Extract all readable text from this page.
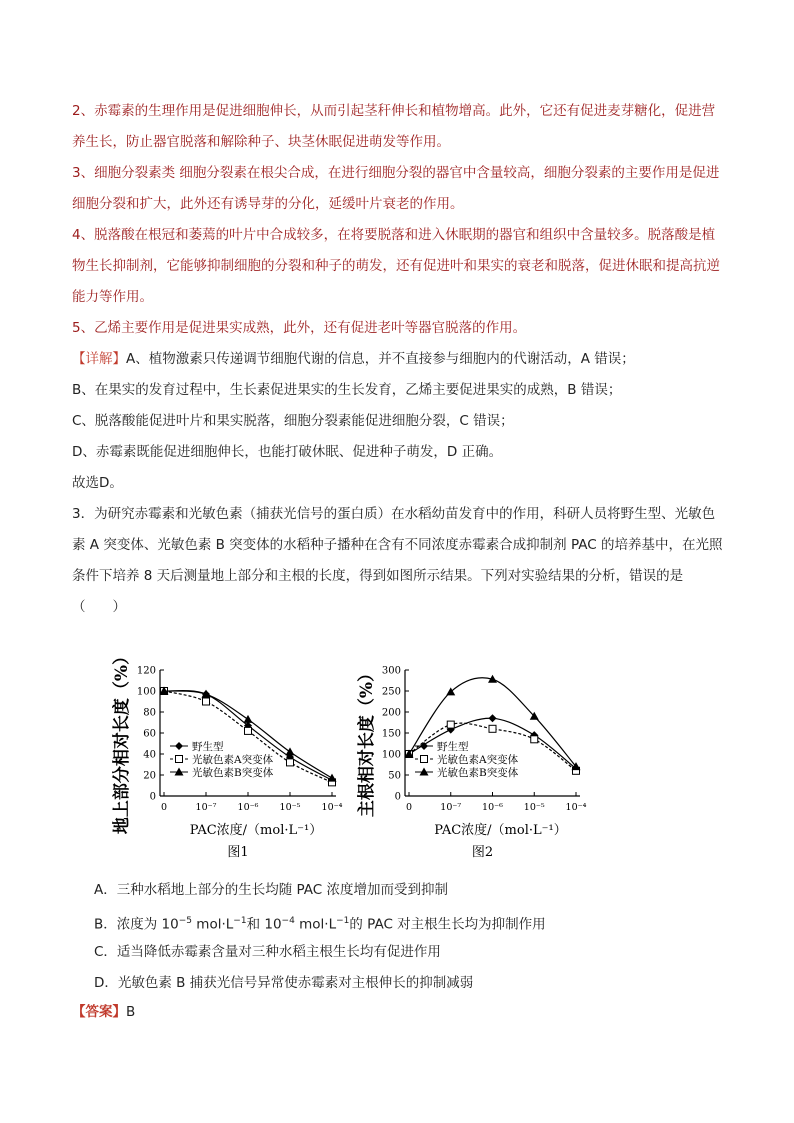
2、赤霉素的生理作用是促进细胞伸长，从而引起茎秆伸长和植物增高。此外，它还有促进麦芽糖化，促进营养生长，防止器官脱落和解除种子、块茎休眠促进萌发等作用。

3、细胞分裂素类 细胞分裂素在根尖合成，在进行细胞分裂的器官中含量较高，细胞分裂素的主要作用是促进细胞分裂和扩大，此外还有诱导芽的分化，延缓叶片衰老的作用。

4、脱落酸在根冠和萎蔫的叶片中合成较多，在将要脱落和进入休眠期的器官和组织中含量较多。脱落酸是植物生长抑制剂，它能够抑制细胞的分裂和种子的萌发，还有促进叶和果实的衰老和脱落，促进休眠和提高抗逆能力等作用。

5、乙烯主要作用是促进果实成熟，此外，还有促进老叶等器官脱落的作用。

【详解】A、植物激素只传递调节细胞代谢的信息，并不直接参与细胞内的代谢活动，A 错误；

B、在果实的发育过程中，生长素促进果实的生长发育，乙烯主要促进果实的成熟，B 错误；

C、脱落酸能促进叶片和果实脱落，细胞分裂素能促进细胞分裂，C 错误；

D、赤霉素既能促进细胞伸长，也能打破休眠、促进种子萌发，D 正确。

故选D。

3．为研究赤霉素和光敏色素（捕获光信号的蛋白质）在水稻幼苗发育中的作用，科研人员将野生型、光敏色素 A 突变体、光敏色素 B 突变体的水稻种子播种在含有不同浓度赤霉素合成抑制剂 PAC 的培养基中，在光照条件下培养 8 天后测量地上部分和主根的长度，得到如图所示结果。下列对实验结果的分析，错误的是（　　）

0
20
40
60
80
100
120
0	10⁻⁷ 10⁻⁶ 10⁻⁵ 10⁻⁴
野生型
光敏色素A突变体
光敏色素B突变体
地上部分相对长度（%）	PAC浓度/（mol·L⁻¹）
图1
0
50
100
150
200
250
300
0	10⁻⁷ 10⁻⁶ 10⁻⁵ 10⁻⁴
野生型
光敏色素A突变体
光敏色素B突变体
主根相对长度（%）
PAC浓度/（mol·L⁻¹）
图2
A．三种水稻地上部分的生长均随 PAC 浓度增加而受到抑制
B．浓度为 $10^{-5}$ $mol\cdot L^{-1}$和 $10^{-4}$ $mol\cdot L^{-1}$的 PAC 对主根生长均为抑制作用
C．适当降低赤霉素含量对三种水稻主根生长均有促进作用
D．光敏色素 B 捕获光信号异常使赤霉素对主根伸长的抑制减弱
【答案】B
